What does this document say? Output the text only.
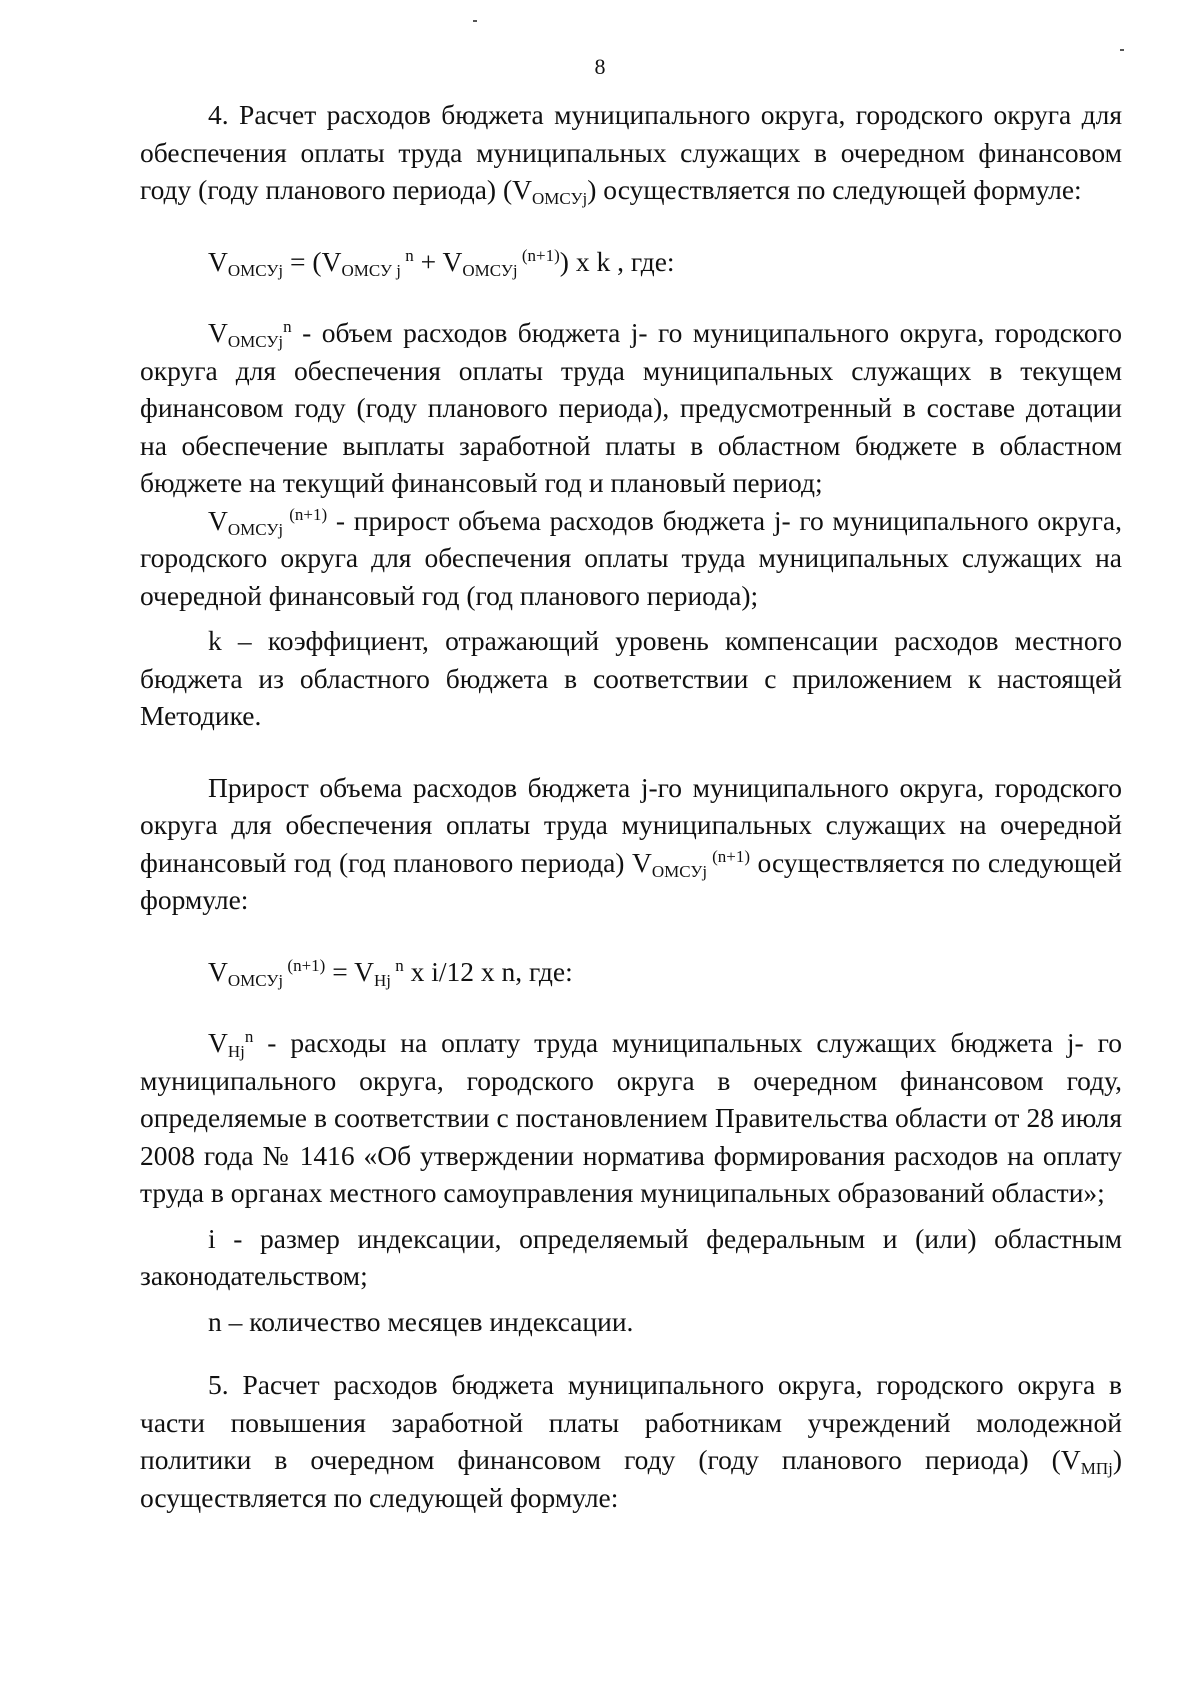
8

4. Расчет расходов бюджета муниципального округа, городского округа для обеспечения оплаты труда муниципальных служащих в очередном финансовом году (году планового периода) $(V_{ОМСУj})$ осуществляется по следующей формуле:

$V_{ОМСУj} = (V_{ОМСУ j}$ $^n + V_{ОМСУj}$ $^{(n+1)}$) x k , где:

$V_{ОМСУj}^n$ - объем расходов бюджета j- го муниципального округа, городского округа для обеспечения оплаты труда муниципальных служащих в текущем финансовом году (году планового периода), предусмотренный в составе дотации на обеспечение выплаты заработной платы в областном бюджете в областном бюджете на текущий финансовый год и плановый период;

$V_{ОМСУj}$ $^{(n+1)}$ - прирост объема расходов бюджета j- го муниципального округа, городского округа для обеспечения оплаты труда муниципальных служащих на очередной финансовый год (год планового периода);

k – коэффициент, отражающий уровень компенсации расходов местного бюджета из областного бюджета в соответствии с приложением к настоящей Методике.

Прирост объема расходов бюджета j-го муниципального округа, городского округа для обеспечения оплаты труда муниципальных служащих на очередной финансовый год (год планового периода) $V_{ОМСУj}$ $^{(n+1)}$ осуществляется по следующей формуле:

$V_{ОМСУj}$ $^{(n+1)} = V_{Hj}$ $^n$ x i/12 x n, где:

$V_{Hj}^n$ - расходы на оплату труда муниципальных служащих бюджета j- го муниципального округа, городского округа в очередном финансовом году, определяемые в соответствии с постановлением Правительства области от 28 июля 2008 года № 1416 «Об утверждении норматива формирования расходов на оплату труда в органах местного самоуправления муниципальных образований области»;

i - размер индексации, определяемый федеральным и (или) областным законодательством;

n – количество месяцев индексации.

5. Расчет расходов бюджета муниципального округа, городского округа в части повышения заработной платы работникам учреждений молодежной политики в очередном финансовом году (году планового периода) $(V_{МПj})$ осуществляется по следующей формуле:
